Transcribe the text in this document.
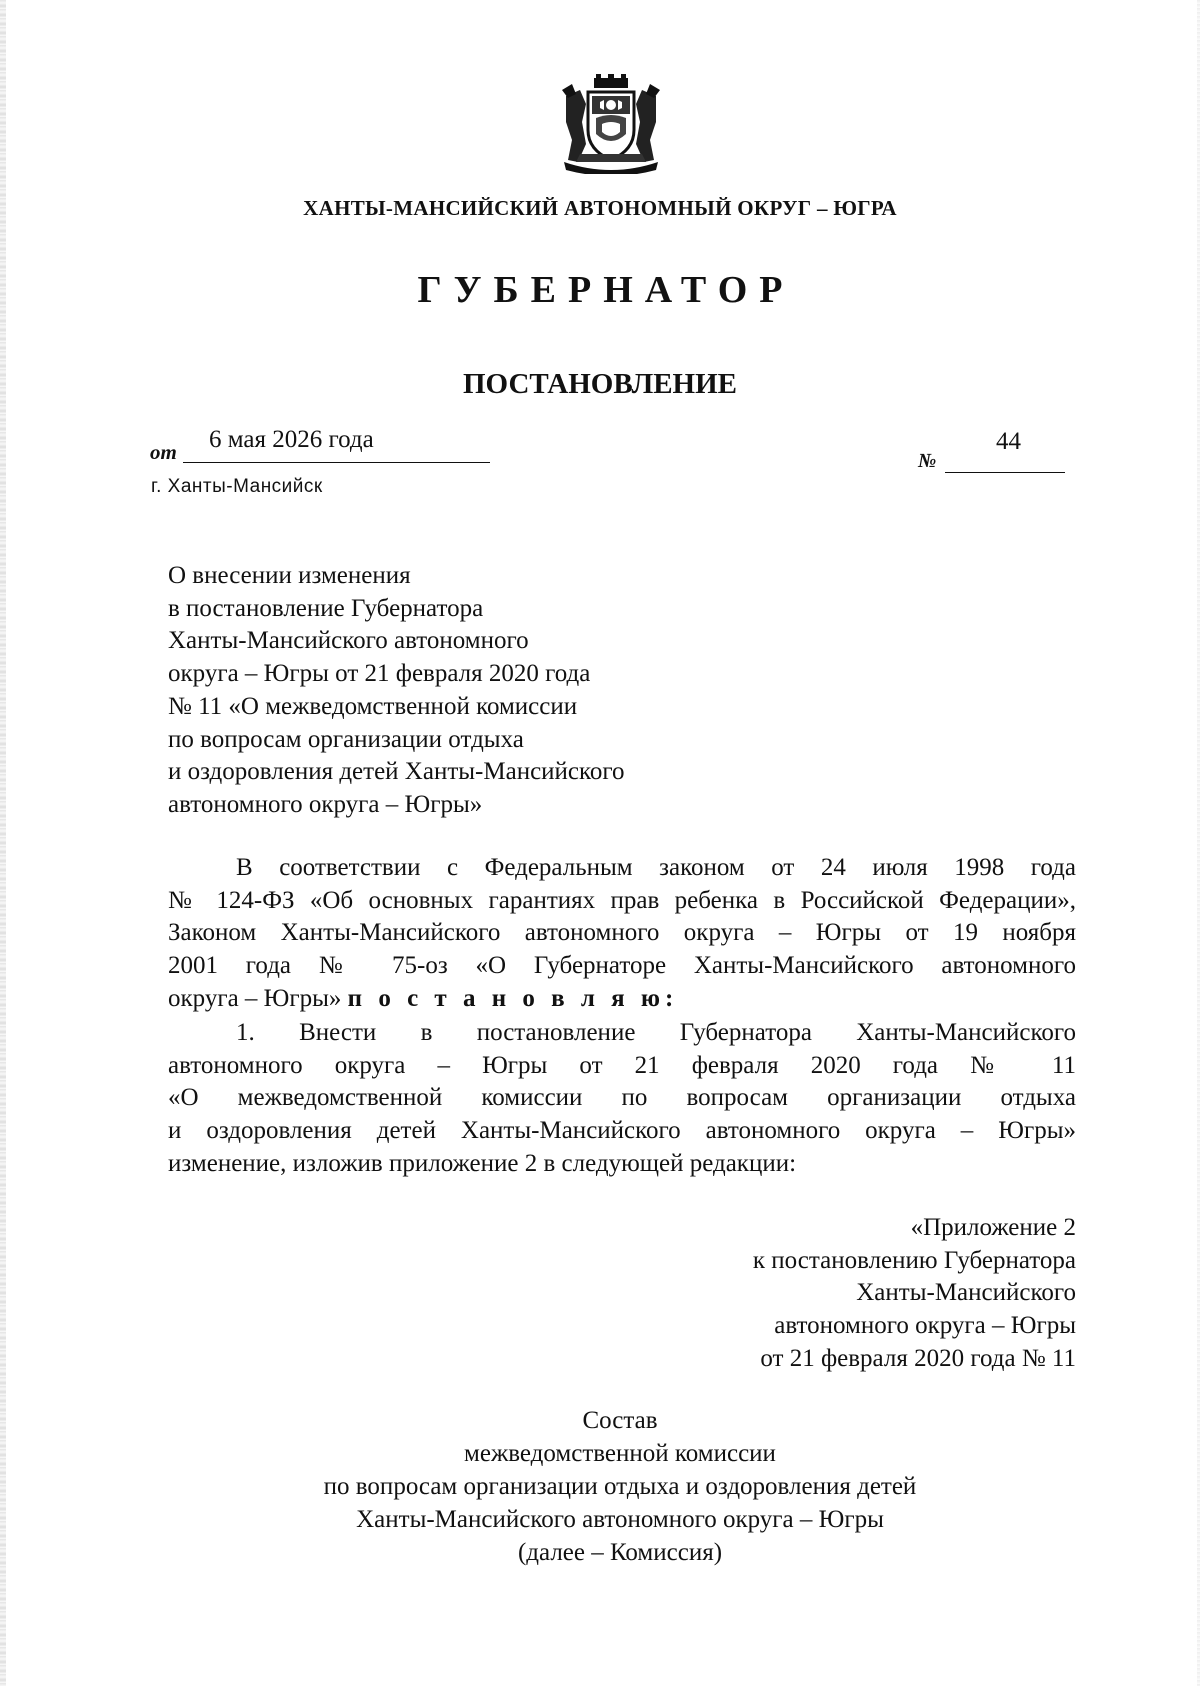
ХАНТЫ-МАНСИЙСКИЙ АВТОНОМНЫЙ ОКРУГ – ЮГРА
ГУБЕРНАТОР
ПОСТАНОВЛЕНИЕ
от 6 мая 2026 года
№
44
г. Ханты-Мансийск
О внесении изменения
в постановление Губернатора
Ханты-Мансийского автономного
округа – Югры от 21 февраля 2020 года
№ 11 «О межведомственной комиссии
по вопросам организации отдыха
и оздоровления детей Ханты-Мансийского
автономного округа – Югры»
В соответствии с Федеральным законом от 24 июля 1998 года
№ 124-ФЗ «Об основных гарантиях прав ребенка в Российской Федерации»,
Законом Ханты-Мансийского автономного округа – Югры от 19 ноября
2001 года № 75-оз «О Губернаторе Ханты-Мансийского автономного
округа – Югры» п о с т а н о в л я ю:
1. Внести в постановление Губернатора Ханты-Мансийского
автономного округа – Югры от 21 февраля 2020 года № 11
«О межведомственной комиссии по вопросам организации отдыха
и оздоровления детей Ханты-Мансийского автономного округа – Югры»
изменение, изложив приложение 2 в следующей редакции:
«Приложение 2
к постановлению Губернатора
Ханты-Мансийского
автономного округа – Югры
от 21 февраля 2020 года № 11
Состав
межведомственной комиссии
по вопросам организации отдыха и оздоровления детей
Ханты-Мансийского автономного округа – Югры
(далее – Комиссия)
